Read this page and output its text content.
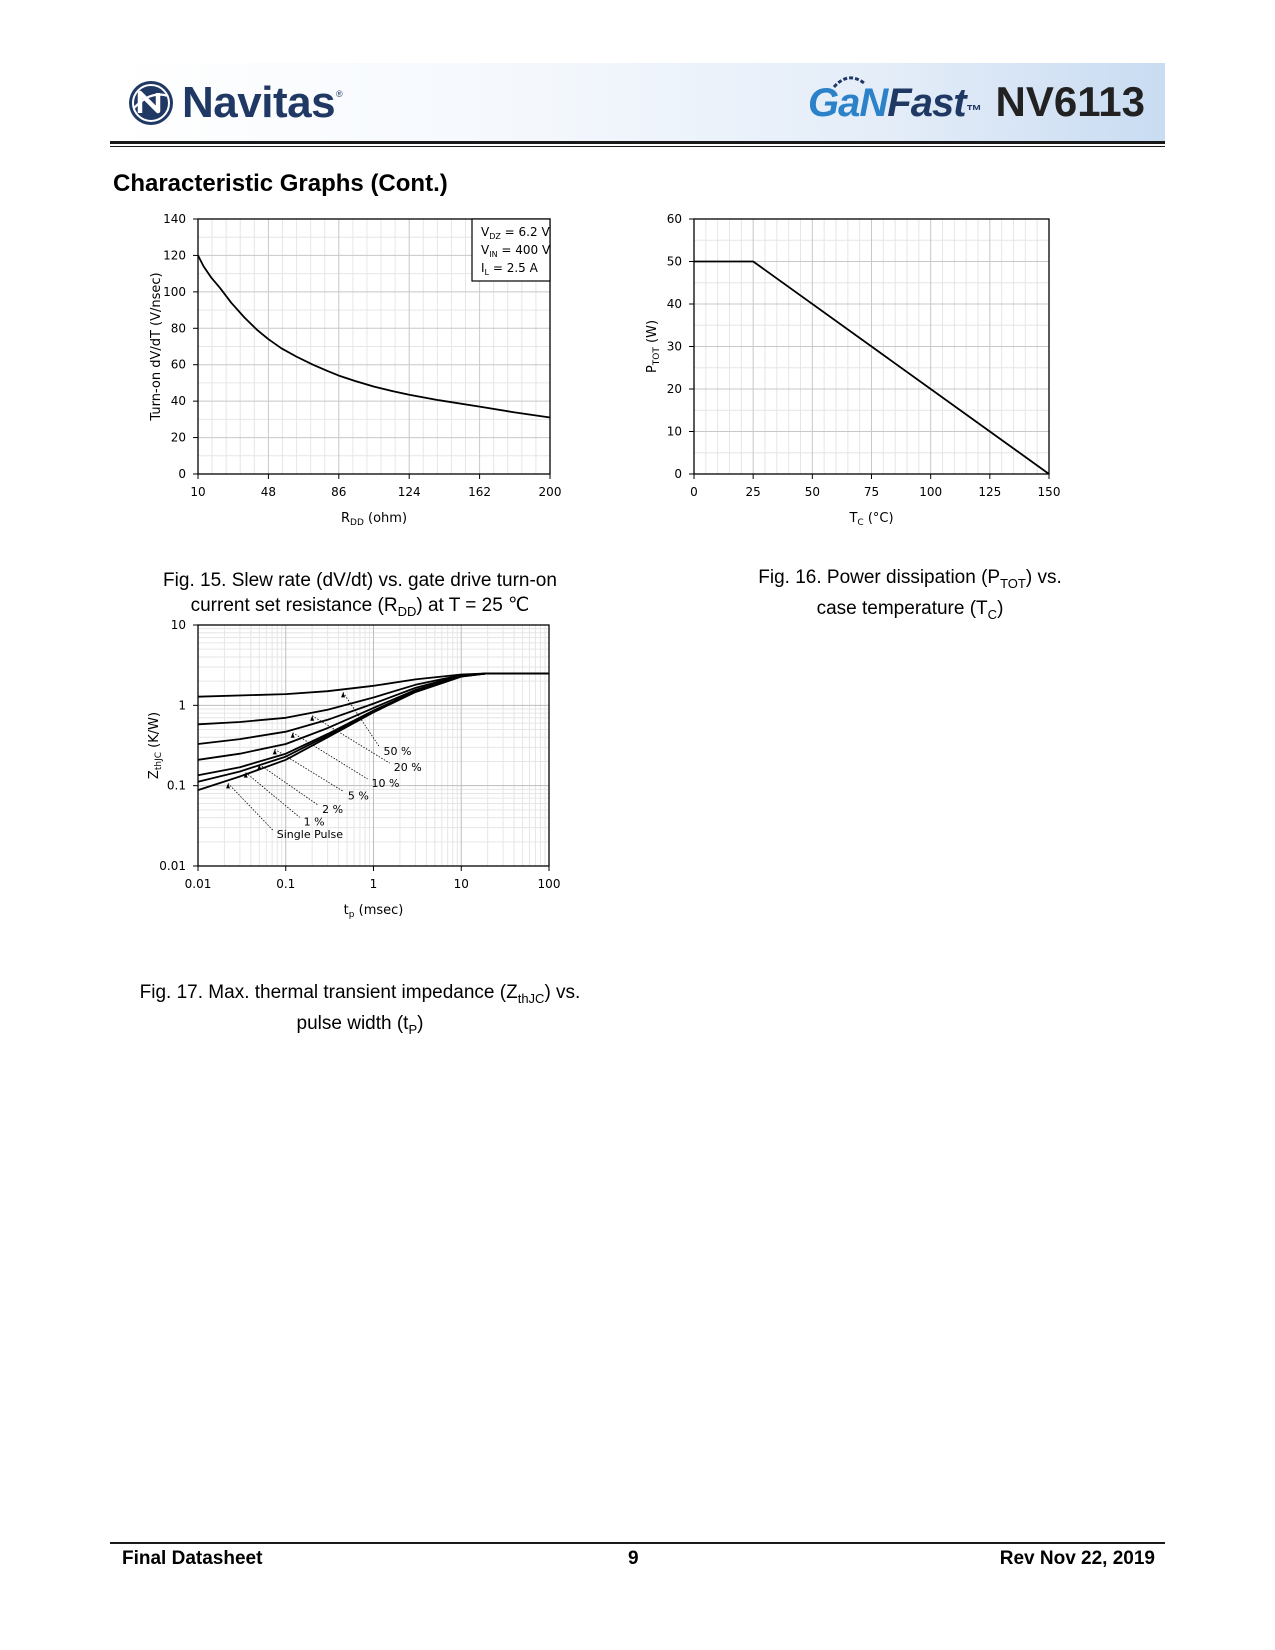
Navitas ®	GaN Fast ™ NV6113
Characteristic Graphs (Cont.)
10	48	86	124	162	200
0
20
40
60
80
100
120
140
$R_{DD}$ (ohm)
Turn-on dV/dT (V/nsec)
$V_{DZ} = 6.2$ V
$V_{IN} = 400$ V
$I_L = 2.5$ A
Fig. 15. Slew rate (dV/dt) vs. gate drive turn-on
current set resistance $(R_{DD})$ at T = 25 ℃
0	25	50	75	100	125	150
0
10
20
30
40
50
60
$T_C$ (°C)
$P_{TOT}$ (W)
Fig. 16. Power dissipation $(P_{TOT})$ vs.
case temperature $(T_C)$
0.01	0.1	1	10	100
0.01
0.1
1
10
$t_p$ (msec)
$Z_{thJC}$ (K/W)	50 %
20 %
10 %
5 %
2 %
1 %
Single Pulse
Fig. 17. Max. thermal transient impedance $(Z_{thJC})$ vs.
pulse width $(t_P)$
Final Datasheet	9	Rev Nov 22, 2019
